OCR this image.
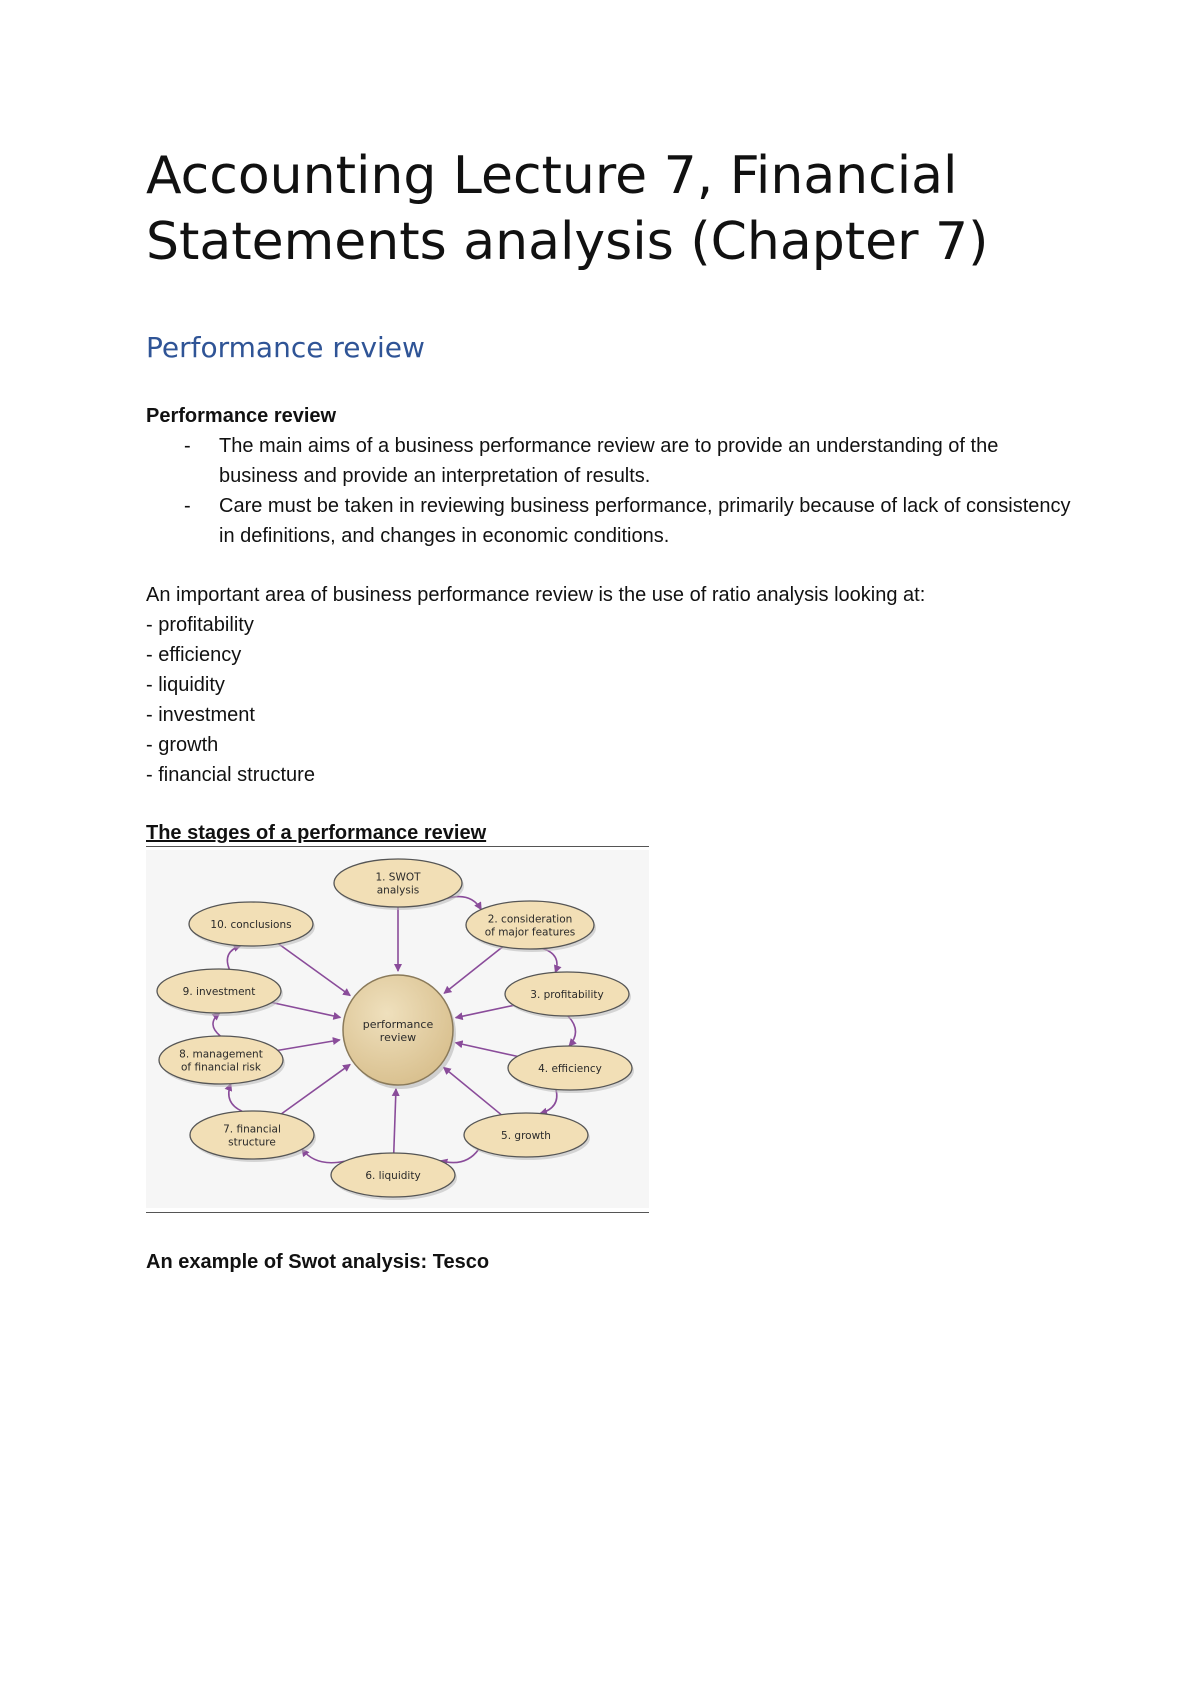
Accounting Lecture 7, Financial Statements analysis (Chapter 7)
Performance review

Performance review

- The main aims of a business performance review are to provide an understanding of the business and provide an interpretation of results.
- Care must be taken in reviewing business performance, primarily because of lack of consistency in definitions, and changes in economic conditions.

An important area of business performance review is the use of ratio analysis looking at:

- profitability
- efficiency
- liquidity
- investment
- growth
- financial structure

The stages of a performance review

performance
review
1. SWOT
analysis
2. consideration
of major features
3. profitability
4. efficiency
5. growth
6. liquidity
7. financial
structure
8. management
of financial risk
9. investment
10. conclusions

An example of Swot analysis: Tesco
